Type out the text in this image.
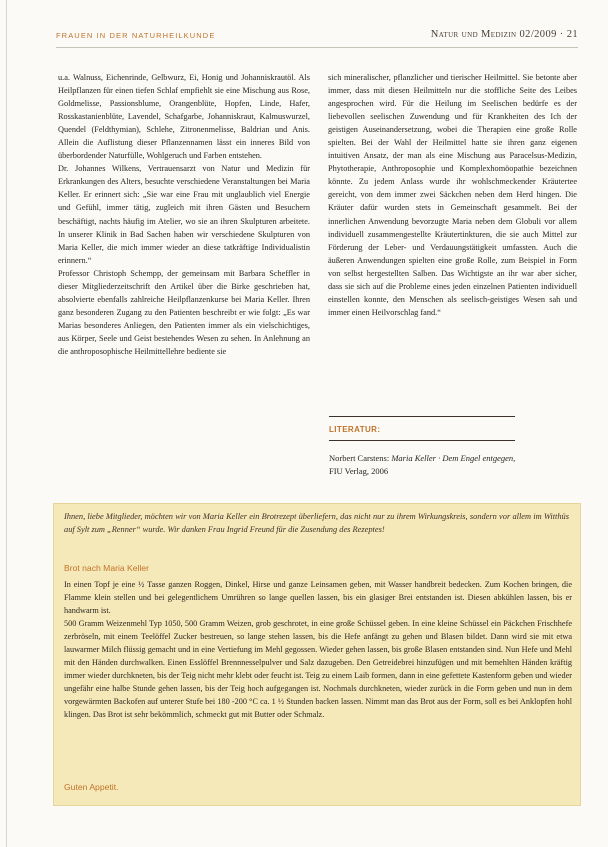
FRAUEN IN DER NATURHEILKUNDE	Natur und Medizin 02/2009 · 21

u.a. Walnuss, Eichenrinde, Gelbwurz, Ei, Honig und Johanniskrautöl. Als Heilpflanzen für einen tiefen Schlaf empfiehlt sie eine Mischung aus Rose, Goldmelisse, Passionsblume, Orangenblüte, Hopfen, Linde, Hafer, Rosskastanienblüte, Lavendel, Schafgarbe, Johanniskraut, Kalmuswurzel, Quendel (Feldthymian), Schlehe, Zitronenmelisse, Baldrian und Anis. Allein die Auflistung dieser Pflanzennamen lässt ein inneres Bild von überbordender Naturfülle, Wohlgeruch und Farben entstehen.

Dr. Johannes Wilkens, Vertrauensarzt von Natur und Medizin für Erkrankungen des Alters, besuchte verschiedene Veranstaltungen bei Maria Keller. Er erinnert sich: „Sie war eine Frau mit unglaublich viel Energie und Gefühl, immer tätig, zugleich mit ihren Gästen und Besuchern beschäftigt, nachts häufig im Atelier, wo sie an ihren Skulpturen arbeitete. In unserer Klinik in Bad Sachen haben wir verschiedene Skulpturen von Maria Keller, die mich immer wieder an diese tatkräftige Individualistin erinnern.“

Professor Christoph Schempp, der gemeinsam mit Barbara Scheffler in dieser Mitgliederzeitschrift den Artikel über die Birke geschrieben hat, absolvierte ebenfalls zahlreiche Heilpflanzenkurse bei Maria Keller. Ihren ganz besonderen Zugang zu den Patienten beschreibt er wie folgt: „Es war Marias besonderes Anliegen, den Patienten immer als ein vielschichtiges, aus Körper, Seele und Geist bestehendes Wesen zu sehen. In Anlehnung an die anthroposophische Heilmittellehre bediente sie

sich mineralischer, pflanzlicher und tierischer Heilmittel. Sie betonte aber immer, dass mit diesen Heilmitteln nur die stoffliche Seite des Leibes angesprochen wird. Für die Heilung im Seelischen bedürfe es der liebevollen seelischen Zuwendung und für Krankheiten des Ich der geistigen Auseinandersetzung, wobei die Therapien eine große Rolle spielten. Bei der Wahl der Heilmittel hatte sie ihren ganz eigenen intuitiven Ansatz, der man als eine Mischung aus Paracelsus-Medizin, Phytotherapie, Anthroposophie und Komplexhomöopathie bezeichnen könnte. Zu jedem Anlass wurde ihr wohlschmeckender Kräutertee gereicht, von dem immer zwei Säckchen neben dem Herd hingen. Die Kräuter dafür wurden stets in Gemeinschaft gesammelt. Bei der innerlichen Anwendung bevorzugte Maria neben dem Globuli vor allem individuell zusammengestellte Kräutertinkturen, die sie auch Mittel zur Förderung der Leber- und Verdauungstätigkeit umfassten. Auch die äußeren Anwendungen spielten eine große Rolle, zum Beispiel in Form von selbst hergestellten Salben. Das Wichtigste an ihr war aber sicher, dass sie sich auf die Probleme eines jeden einzelnen Patienten individuell einstellen konnte, den Menschen als seelisch-geistiges Wesen sah und immer einen Heilvorschlag fand.“

LITERATUR:
Norbert Carstens: Maria Keller · Dem Engel entgegen,
FIU Verlag, 2006
Ihnen, liebe Mitglieder, möchten wir von Maria Keller ein Brotrezept überliefern, das nicht nur zu ihrem Wirkungskreis, sondern vor allem im Witthüs auf Sylt zum „Renner“ wurde. Wir danken Frau Ingrid Freund für die Zusendung des Rezeptes!
Brot nach Maria Keller

In einen Topf je eine ½ Tasse ganzen Roggen, Dinkel, Hirse und ganze Leinsamen geben, mit Wasser handbreit bedecken. Zum Kochen bringen, die Flamme klein stellen und bei gelegentlichem Umrühren so lange quellen lassen, bis ein glasiger Brei entstanden ist. Diesen abkühlen lassen, bis er handwarm ist.

500 Gramm Weizenmehl Typ 1050, 500 Gramm Weizen, grob geschrotet, in eine große Schüssel geben. In eine kleine Schüssel ein Päckchen Frischhefe zerbröseln, mit einem Teelöffel Zucker bestreuen, so lange stehen lassen, bis die Hefe anfängt zu gehen und Blasen bildet. Dann wird sie mit etwa lauwarmer Milch flüssig gemacht und in eine Vertiefung im Mehl gegossen. Wieder gehen lassen, bis große Blasen entstanden sind. Nun Hefe und Mehl mit den Händen durchwalken. Einen Esslöffel Brennnesselpulver und Salz dazugeben. Den Getreidebrei hinzufügen und mit bemehlten Händen kräftig immer wieder durchkneten, bis der Teig nicht mehr klebt oder feucht ist. Teig zu einem Laib formen, dann in eine gefettete Kastenform geben und wieder ungefähr eine halbe Stunde gehen lassen, bis der Teig hoch aufgegangen ist. Nochmals durchkneten, wieder zurück in die Form geben und nun in dem vorgewärmten Backofen auf unterer Stufe bei 180 -200 °C ca. 1 ½ Stunden backen lassen. Nimmt man das Brot aus der Form, soll es bei Anklopfen hohl klingen. Das Brot ist sehr bekömmlich, schmeckt gut mit Butter oder Schmalz.

Guten Appetit.
